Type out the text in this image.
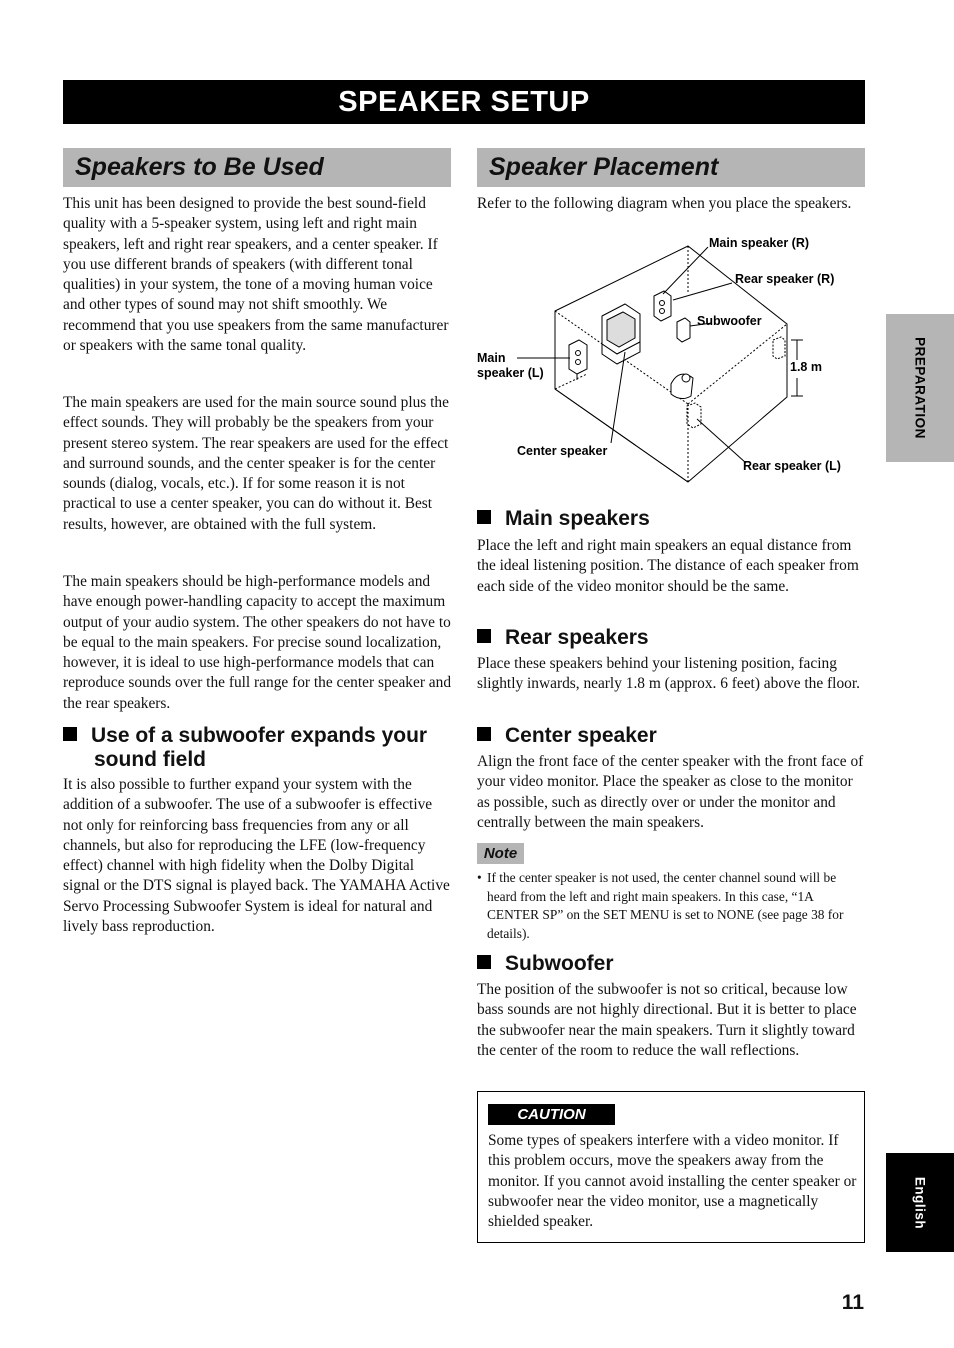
SPEAKER SETUP
Speakers to Be Used	Speaker Placement

This unit has been designed to provide the best sound-field quality with a 5-speaker system, using left and right main speakers, left and right rear speakers, and a center speaker. If you use different brands of speakers (with different tonal qualities) in your system, the tone of a moving human voice and other types of sound may not shift smoothly. We recommend that you use speakers from the same manufacturer or speakers with the same tonal quality.

The main speakers are used for the main source sound plus the effect sounds. They will probably be the speakers from your present stereo system. The rear speakers are used for the effect and surround sounds, and the center speaker is for the center sounds (dialog, vocals, etc.). If for some reason it is not practical to use a center speaker, you can do without it. Best results, however, are obtained with the full system.

The main speakers should be high-performance models and have enough power-handling capacity to accept the maximum output of your audio system. The other speakers do not have to be equal to the main speakers. For precise sound localization, however, it is ideal to use high-performance models that can reproduce sounds over the full range for the center speaker and the rear speakers.

Use of a subwoofer expands your sound field

It is also possible to further expand your system with the addition of a subwoofer. The use of a subwoofer is effective not only for reinforcing bass frequencies from any or all channels, but also for reproducing the LFE (low-frequency effect) channel with high fidelity when the Dolby Digital signal or the DTS signal is played back. The YAMAHA Active Servo Processing Subwoofer System is ideal for natural and lively bass reproduction.

Refer to the following diagram when you place the speakers.

Main speaker (R)
Rear speaker (R)
Subwoofer
Main
speaker (L)	1.8 m
Center speaker
Rear speaker (L)
Main speakers

Place the left and right main speakers an equal distance from the ideal listening position. The distance of each speaker from each side of the video monitor should be the same.

Rear speakers

Place these speakers behind your listening position, facing slightly inwards, nearly 1.8 m (approx. 6 feet) above the floor.

Center speaker

Align the front face of the center speaker with the front face of your video monitor. Place the speaker as close to the monitor as possible, such as directly over or under the monitor and centrally between the main speakers.

Note
• If the center speaker is not used, the center channel sound will be heard from the left and right main speakers. In this case, “1A CENTER SP” on the SET MENU is set to NONE (see page 38 for details).
Subwoofer

The position of the subwoofer is not so critical, because low bass sounds are not highly directional. But it is better to place the subwoofer near the main speakers. Turn it slightly toward the center of the room to reduce the wall reflections.

CAUTION

Some types of speakers interfere with a video monitor. If this problem occurs, move the speakers away from the monitor. If you cannot avoid installing the center speaker or subwoofer near the video monitor, use a magnetically shielded speaker.

PREPARATION
English
11
